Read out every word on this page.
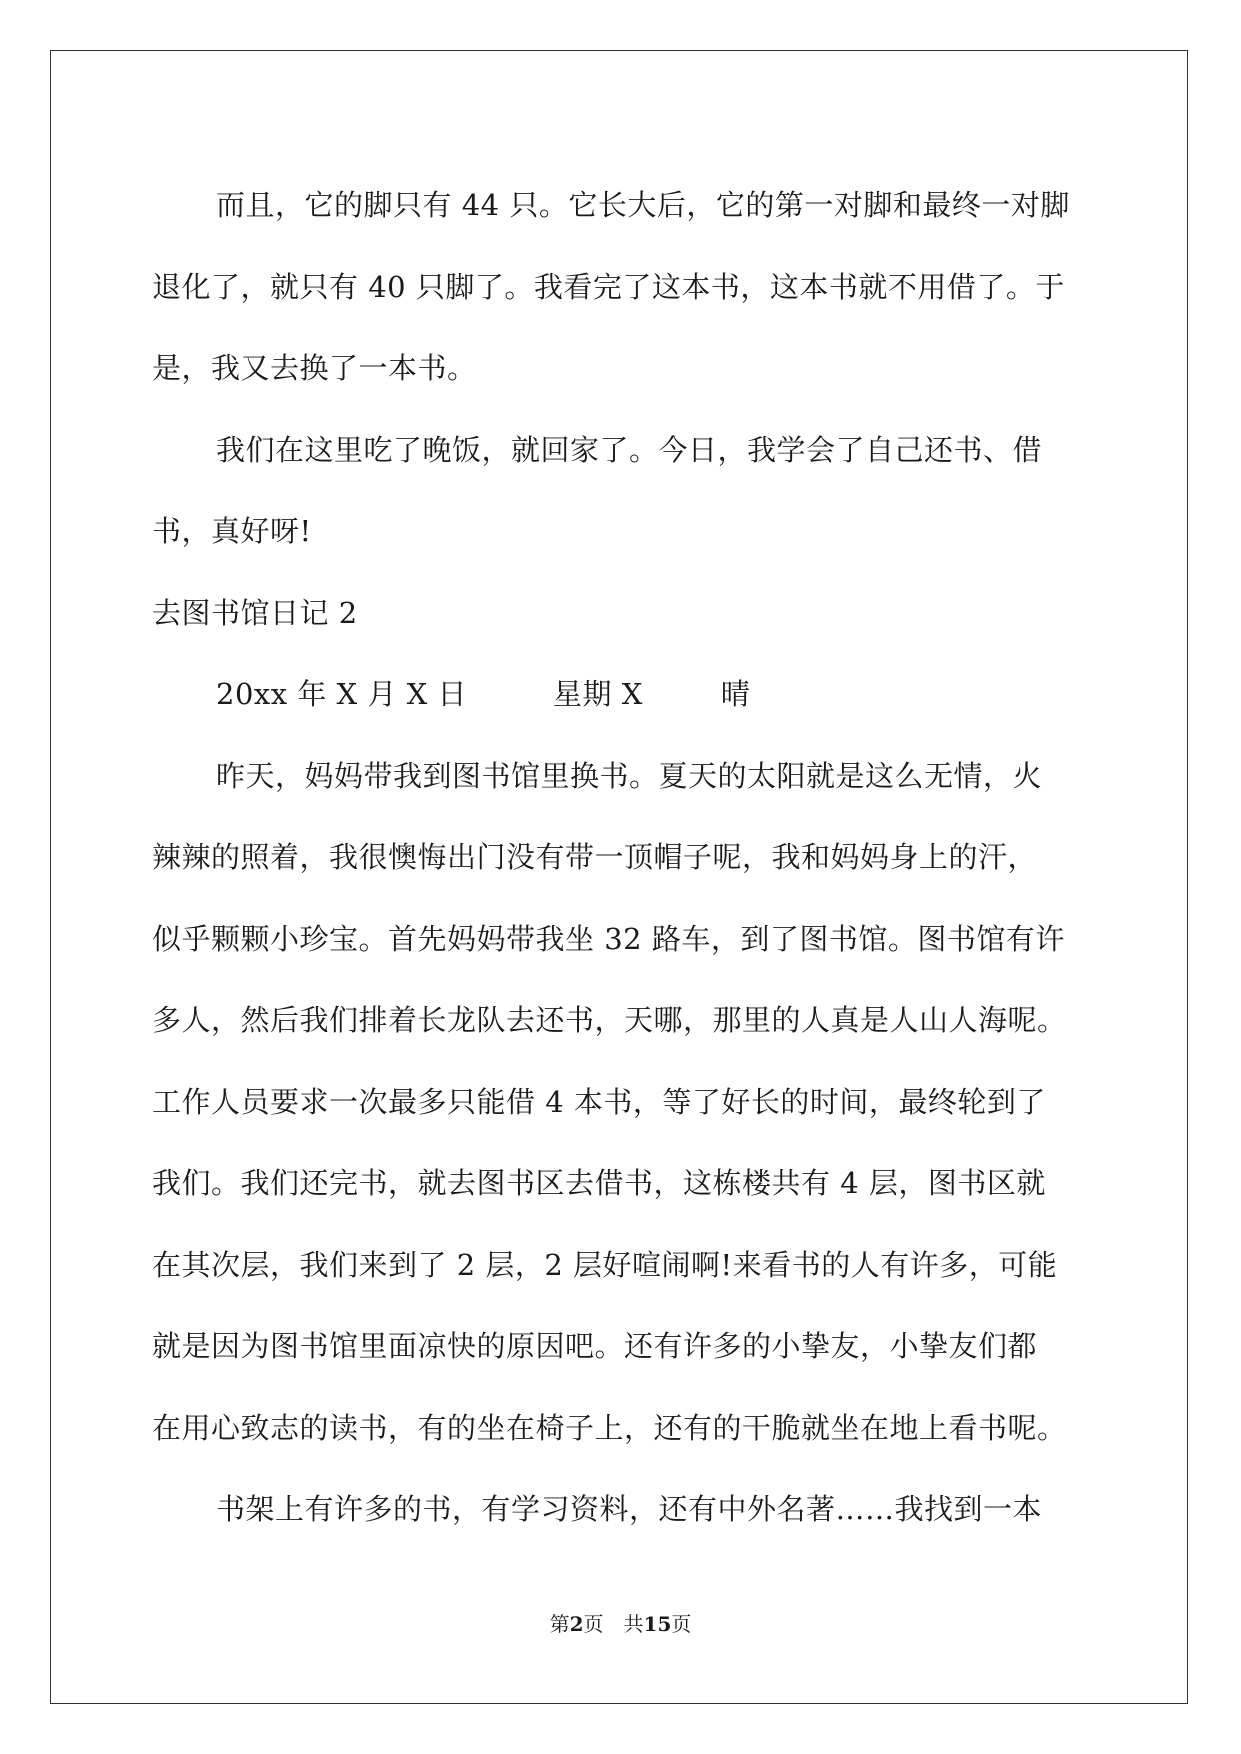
而且，它的脚只有 44 只。它长大后，它的第一对脚和最终一对脚
退化了，就只有 40 只脚了。我看完了这本书，这本书就不用借了。于
是，我又去换了一本书。
我们在这里吃了晚饭，就回家了。今日，我学会了自己还书、借
书，真好呀!
去图书馆日记 2
20xx 年 X 月 X 日	星期 X	晴
昨天，妈妈带我到图书馆里换书。夏天的太阳就是这么无情，火
辣辣的照着，我很懊悔出门没有带一顶帽子呢，我和妈妈身上的汗，
似乎颗颗小珍宝。首先妈妈带我坐 32 路车，到了图书馆。图书馆有许
多人，然后我们排着长龙队去还书，天哪，那里的人真是人山人海呢。
工作人员要求一次最多只能借 4 本书，等了好长的时间，最终轮到了
我们。我们还完书，就去图书区去借书，这栋楼共有 4 层，图书区就
在其次层，我们来到了 2 层，2 层好喧闹啊!来看书的人有许多，可能
就是因为图书馆里面凉快的原因吧。还有许多的小挚友，小挚友们都
在用心致志的读书，有的坐在椅子上，还有的干脆就坐在地上看书呢。
书架上有许多的书，有学习资料，还有中外名著……我找到一本
第2页　共15页
